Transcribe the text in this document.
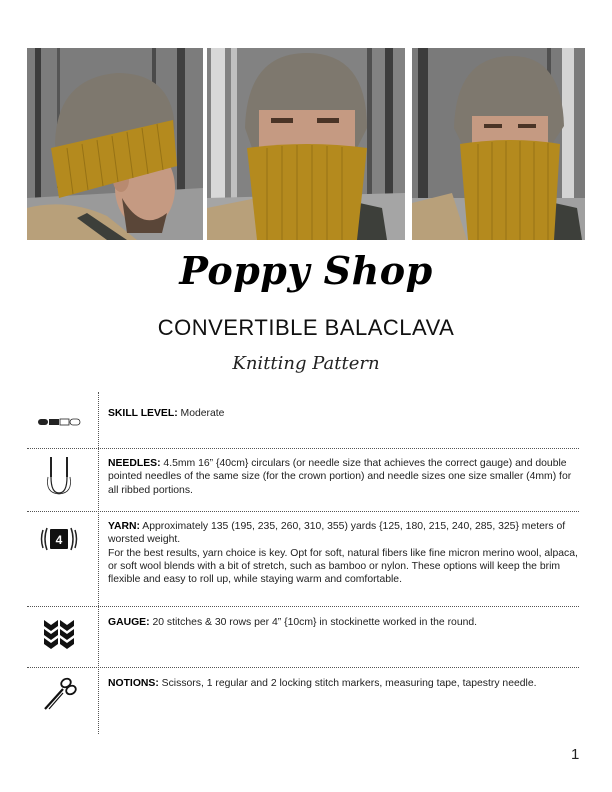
Poppy Shop
CONVERTIBLE BALACLAVA
Knitting Pattern
SKILL LEVEL: Moderate
NEEDLES: 4.5mm 16” {40cm} circulars (or needle size that achieves the correct gauge) and double pointed needles of the same size (for the crown portion) and needle sizes one size smaller (4mm) for all ribbed portions.
4
YARN: Approximately 135 (195, 235, 260, 310, 355) yards {125, 180, 215, 240, 285, 325} meters of worsted weight.
For the best results, yarn choice is key. Opt for soft, natural fibers like fine micron merino wool, alpaca, or soft wool blends with a bit of stretch, such as bamboo or nylon. These options will keep the brim flexible and easy to roll up, while staying warm and comfortable.
GAUGE: 20 stitches & 30 rows per 4” {10cm} in stockinette worked in the round.
NOTIONS: Scissors, 1 regular and 2 locking stitch markers, measuring tape, tapestry needle.
1
